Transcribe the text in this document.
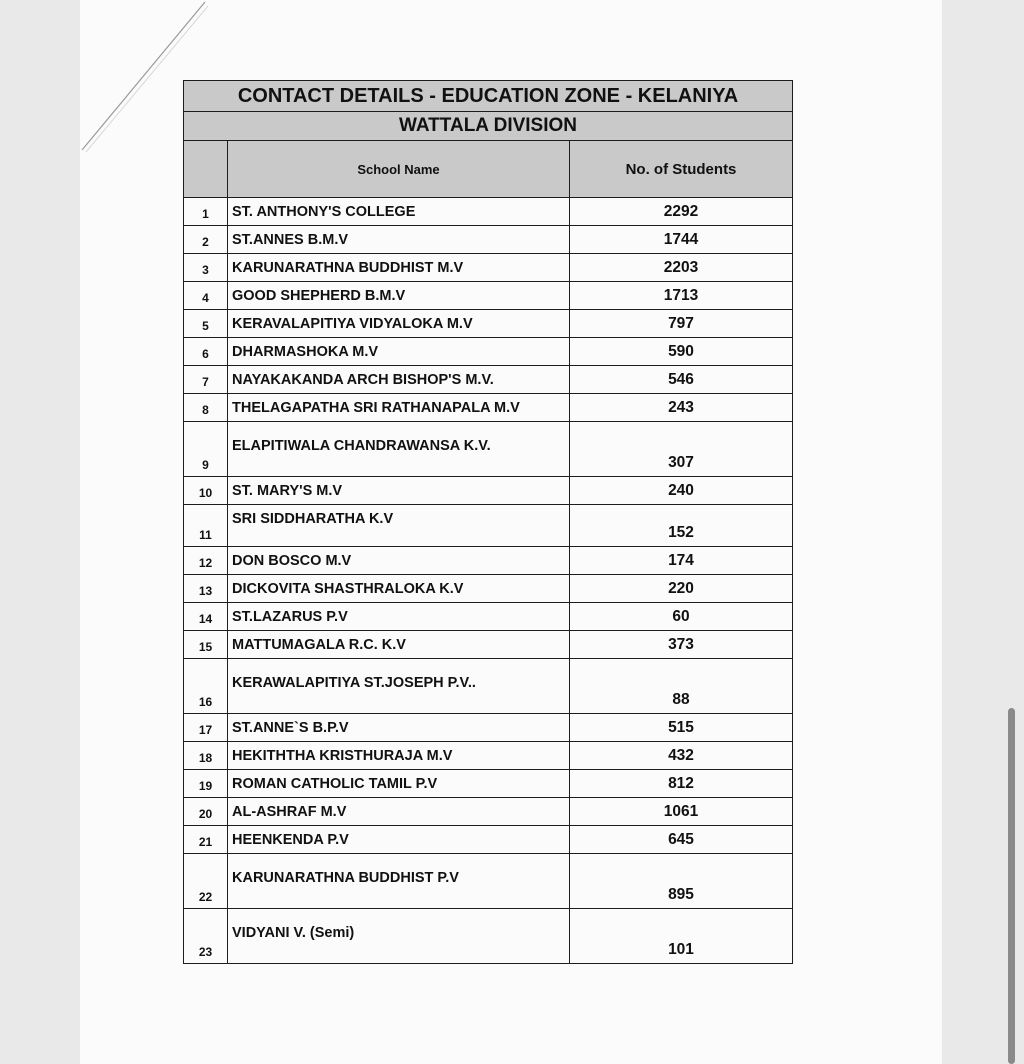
CONTACT DETAILS - EDUCATION ZONE - KELANIYA		
WATTALA DIVISION		
	School Name	No. of Students
1	ST. ANTHONY'S COLLEGE	2292
2	ST.ANNES B.M.V	1744
3	KARUNARATHNA BUDDHIST M.V	2203
4	GOOD SHEPHERD B.M.V	1713
5	KERAVALAPITIYA VIDYALOKA M.V	797
6	DHARMASHOKA M.V	590
7	NAYAKAKANDA ARCH BISHOP'S M.V.	546
8	THELAGAPATHA SRI RATHANAPALA M.V	243
9	ELAPITIWALA CHANDRAWANSA K.V.	307
10	ST. MARY'S M.V	240
11	SRI SIDDHARATHA K.V	152
12	DON BOSCO M.V	174
13	DICKOVITA SHASTHRALOKA K.V	220
14	ST.LAZARUS P.V	60
15	MATTUMAGALA R.C. K.V	373
16	KERAWALAPITIYA ST.JOSEPH P.V..	88
17	ST.ANNE`S B.P.V	515
18	HEKITHTHA KRISTHURAJA M.V	432
19	ROMAN CATHOLIC TAMIL P.V	812
20	AL-ASHRAF M.V	1061
21	HEENKENDA P.V	645
22	KARUNARATHNA BUDDHIST P.V	895
23	VIDYANI V. (Semi)	101
